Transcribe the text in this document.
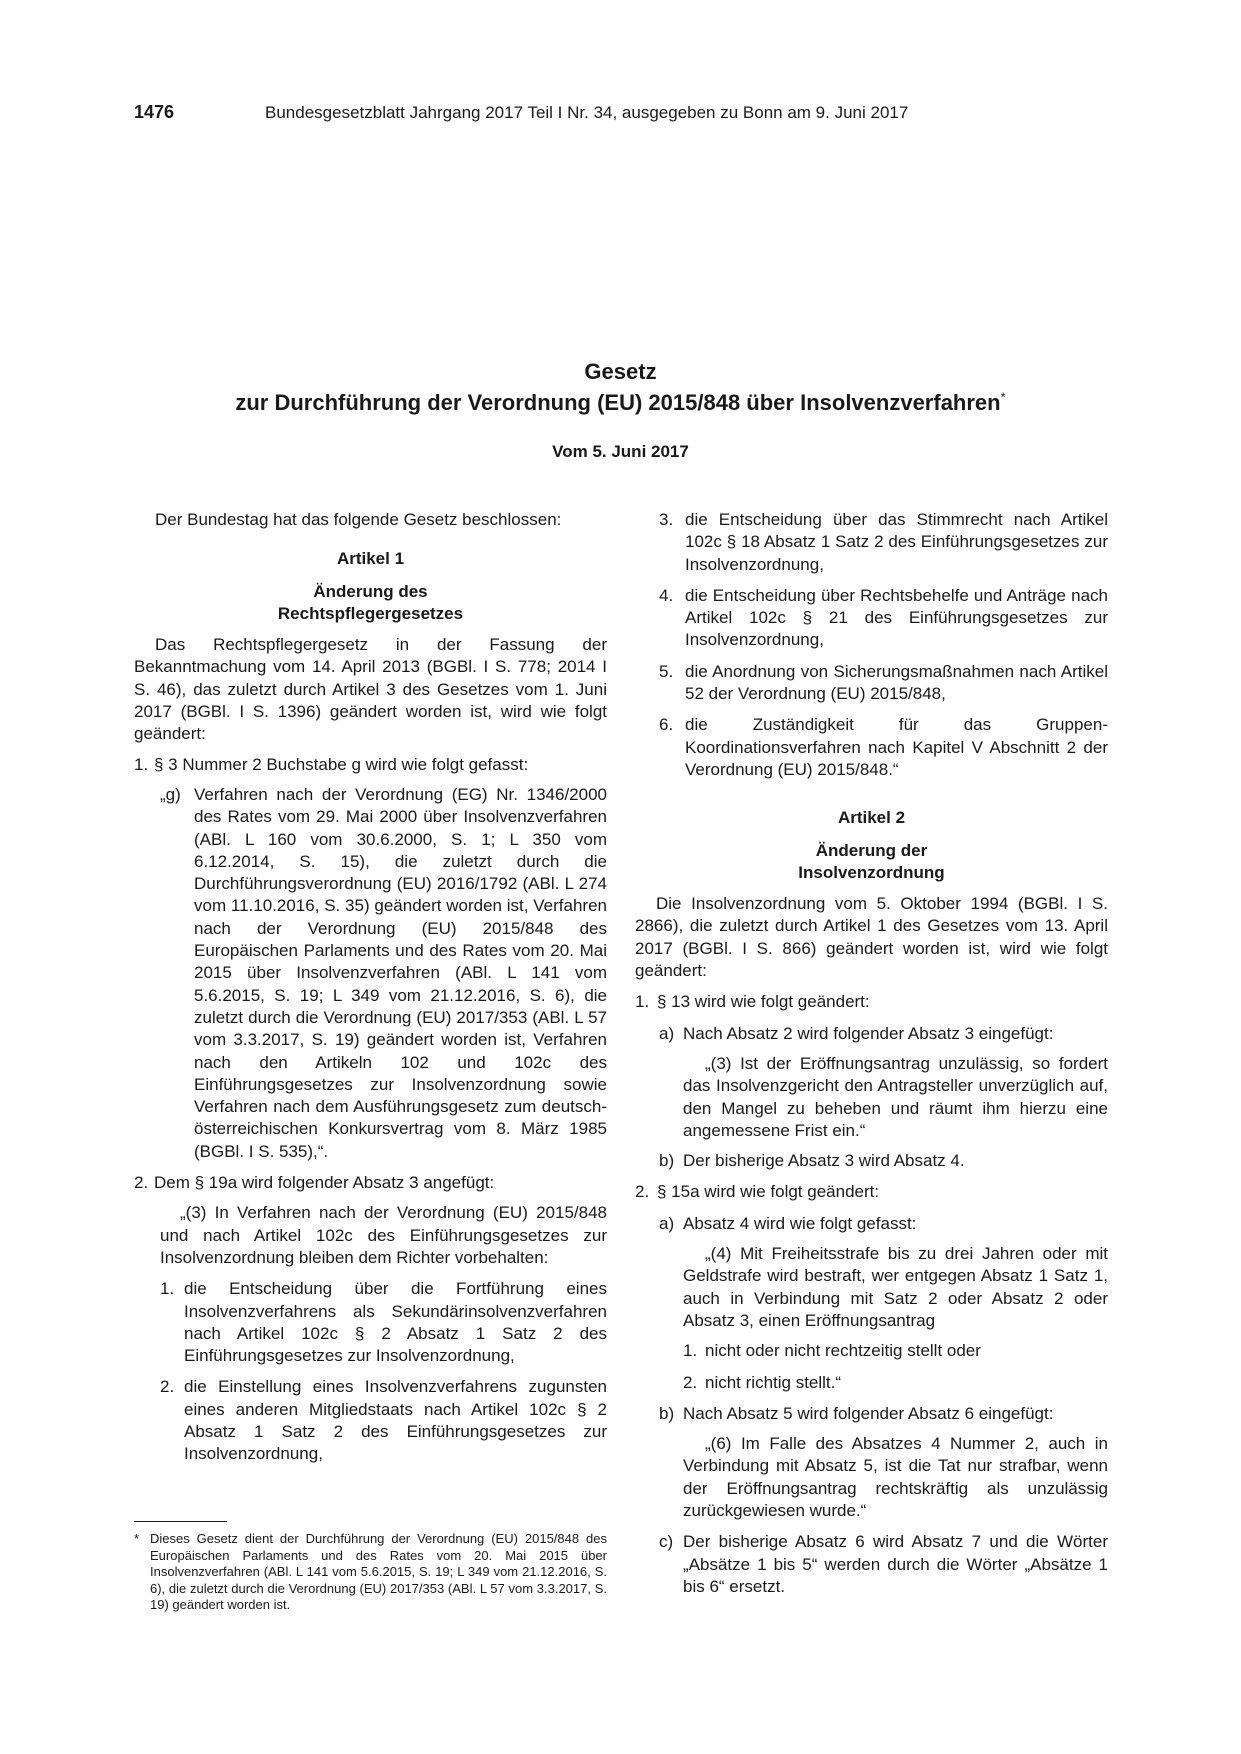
1476	Bundesgesetzblatt Jahrgang 2017 Teil I Nr. 34, ausgegeben zu Bonn am 9. Juni 2017
Gesetz
zur Durchführung der Verordnung (EU) 2015/848 über Insolvenzverfahren*
Vom 5. Juni 2017

Der Bundestag hat das folgende Gesetz beschlossen:

Artikel 1

Änderung des

Rechtspflegergesetzes

Das Rechtspflegergesetz in der Fassung der Bekanntmachung vom 14. April 2013 (BGBl. I S. 778; 2014 I S. 46), das zuletzt durch Artikel 3 des Gesetzes vom 1. Juni 2017 (BGBl. I S. 1396) geändert worden ist, wird wie folgt geändert:

1. § 3 Nummer 2 Buchstabe g wird wie folgt gefasst:
„g) Verfahren nach der Verordnung (EG) Nr. 1346/2000 des Rates vom 29. Mai 2000 über Insolvenzverfahren (ABl. L 160 vom 30.6.2000, S. 1; L 350 vom 6.12.2014, S. 15), die zuletzt durch die Durchführungsverordnung (EU) 2016/1792 (ABl. L 274 vom 11.10.2016, S. 35) geändert worden ist, Verfahren nach der Verordnung (EU) 2015/848 des Europäischen Parlaments und des Rates vom 20. Mai 2015 über Insolvenzverfahren (ABl. L 141 vom 5.6.2015, S. 19; L 349 vom 21.12.2016, S. 6), die zuletzt durch die Verordnung (EU) 2017/353 (ABl. L 57 vom 3.3.2017, S. 19) geändert worden ist, Verfahren nach den Artikeln 102 und 102c des Einführungsgesetzes zur Insolvenzordnung sowie Verfahren nach dem Ausführungsgesetz zum deutsch-österreichischen Konkursvertrag vom 8. März 1985 (BGBl. I S. 535),“.
2. Dem § 19a wird folgender Absatz 3 angefügt:

„(3) In Verfahren nach der Verordnung (EU) 2015/848 und nach Artikel 102c des Einführungsgesetzes zur Insolvenzordnung bleiben dem Richter vorbehalten:

1. die Entscheidung über die Fortführung eines Insolvenzverfahrens als Sekundärinsolvenzverfahren nach Artikel 102c § 2 Absatz 1 Satz 2 des Einführungsgesetzes zur Insolvenzordnung,
2. die Einstellung eines Insolvenzverfahrens zugunsten eines anderen Mitgliedstaats nach Artikel 102c § 2 Absatz 1 Satz 2 des Einführungsgesetzes zur Insolvenzordnung,
3. die Entscheidung über das Stimmrecht nach Artikel 102c § 18 Absatz 1 Satz 2 des Einführungsgesetzes zur Insolvenzordnung,
4. die Entscheidung über Rechtsbehelfe und Anträge nach Artikel 102c § 21 des Einführungsgesetzes zur Insolvenzordnung,
5. die Anordnung von Sicherungsmaßnahmen nach Artikel 52 der Verordnung (EU) 2015/848,
6. die Zuständigkeit für das Gruppen-Koordinationsverfahren nach Kapitel V Abschnitt 2 der Verordnung (EU) 2015/848.“

Artikel 2

Änderung der

Insolvenzordnung

Die Insolvenzordnung vom 5. Oktober 1994 (BGBl. I S. 2866), die zuletzt durch Artikel 1 des Gesetzes vom 13. April 2017 (BGBl. I S. 866) geändert worden ist, wird wie folgt geändert:

1. § 13 wird wie folgt geändert:
a) Nach Absatz 2 wird folgender Absatz 3 eingefügt:

„(3) Ist der Eröffnungsantrag unzulässig, so fordert das Insolvenzgericht den Antragsteller unverzüglich auf, den Mangel zu beheben und räumt ihm hierzu eine angemessene Frist ein.“

b) Der bisherige Absatz 3 wird Absatz 4.
2. § 15a wird wie folgt geändert:
a) Absatz 4 wird wie folgt gefasst:

„(4) Mit Freiheitsstrafe bis zu drei Jahren oder mit Geldstrafe wird bestraft, wer entgegen Absatz 1 Satz 1, auch in Verbindung mit Satz 2 oder Absatz 2 oder Absatz 3, einen Eröffnungsantrag

1. nicht oder nicht rechtzeitig stellt oder
2. nicht richtig stellt.“
b) Nach Absatz 5 wird folgender Absatz 6 eingefügt:

„(6) Im Falle des Absatzes 4 Nummer 2, auch in Verbindung mit Absatz 5, ist die Tat nur strafbar, wenn der Eröffnungsantrag rechtskräftig als unzulässig zurückgewiesen wurde.“

c) Der bisherige Absatz 6 wird Absatz 7 und die Wörter „Absätze 1 bis 5“ werden durch die Wörter „Absätze 1 bis 6“ ersetzt.
* Dieses Gesetz dient der Durchführung der Verordnung (EU) 2015/848 des Europäischen Parlaments und des Rates vom 20. Mai 2015 über Insolvenzverfahren (ABl. L 141 vom 5.6.2015, S. 19; L 349 vom 21.12.2016, S. 6), die zuletzt durch die Verordnung (EU) 2017/353 (ABl. L 57 vom 3.3.2017, S. 19) geändert worden ist.
